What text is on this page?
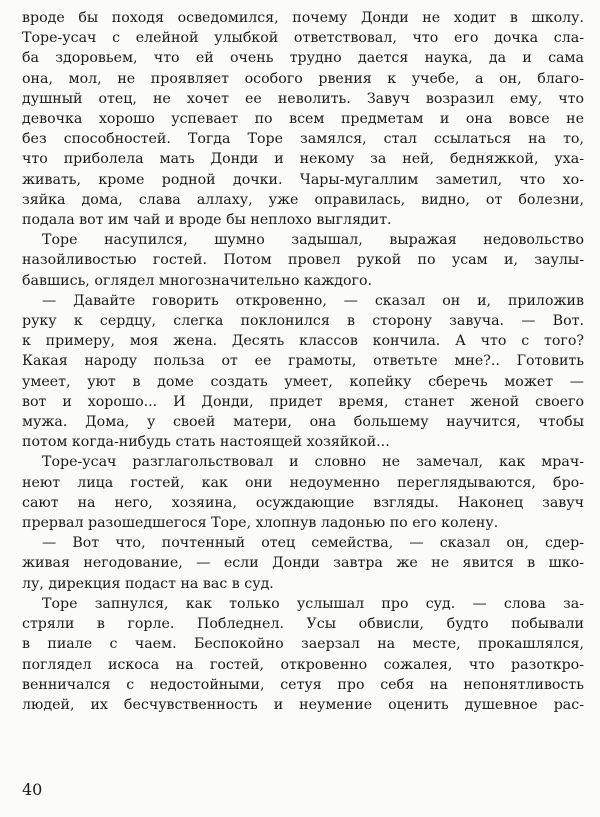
вроде бы походя осведомился, почему Донди не ходит в школу.
Торе-усач с елейной улыбкой ответствовал, что его дочка сла-
ба здоровьем, что ей очень трудно дается наука, да и сама
она, мол, не проявляет особого рвения к учебе, а он, благо-
душный отец, не хочет ее неволить. Завуч возразил ему, что
девочка хорошо успевает по всем предметам и она вовсе не
без способностей. Тогда Торе замялся, стал ссылаться на то,
что приболела мать Донди и некому за ней, бедняжкой, уха-
живать, кроме родной дочки. Чары-мугаллим заметил, что хо-
зяйка дома, слава аллаху, уже оправилась, видно, от болезни,
подала вот им чай и вроде бы неплохо выглядит.
Торе насупился, шумно задышал, выражая недовольство
назойливостью гостей. Потом провел рукой по усам и, заулы-
бавшись, оглядел многозначительно каждого.
— Давайте говорить откровенно, — сказал он и, приложив
руку к сердцу, слегка поклонился в сторону завуча. — Вот.
к примеру, моя жена. Десять классов кончила. А что с того?
Какая народу польза от ее грамоты, ответьте мне?.. Готовить
умеет, уют в доме создать умеет, копейку сберечь может —
вот и хорошо... И Донди, придет время, станет женой своего
мужа. Дома, у своей матери, она большему научится, чтобы
потом когда-нибудь стать настоящей хозяйкой...
Торе-усач разглагольствовал и словно не замечал, как мрач-
неют лица гостей, как они недоуменно переглядываются, бро-
сают на него, хозяина, осуждающие взгляды. Наконец завуч
прервал разошедшегося Торе, хлопнув ладонью по его колену.
— Вот что, почтенный отец семейства, — сказал он, сдер-
живая негодование, — если Донди завтра же не явится в шко-
лу, дирекция подаст на вас в суд.
Торе запнулся, как только услышал про суд. — слова за-
стряли в горле. Побледнел. Усы обвисли, будто побывали
в пиале с чаем. Беспокойно заерзал на месте, прокашлялся,
поглядел искоса на гостей, откровенно сожалея, что разоткро-
венничался с недостойными, сетуя про себя на непонятливость
людей, их бесчувственность и неумение оценить душевное рас-
40
